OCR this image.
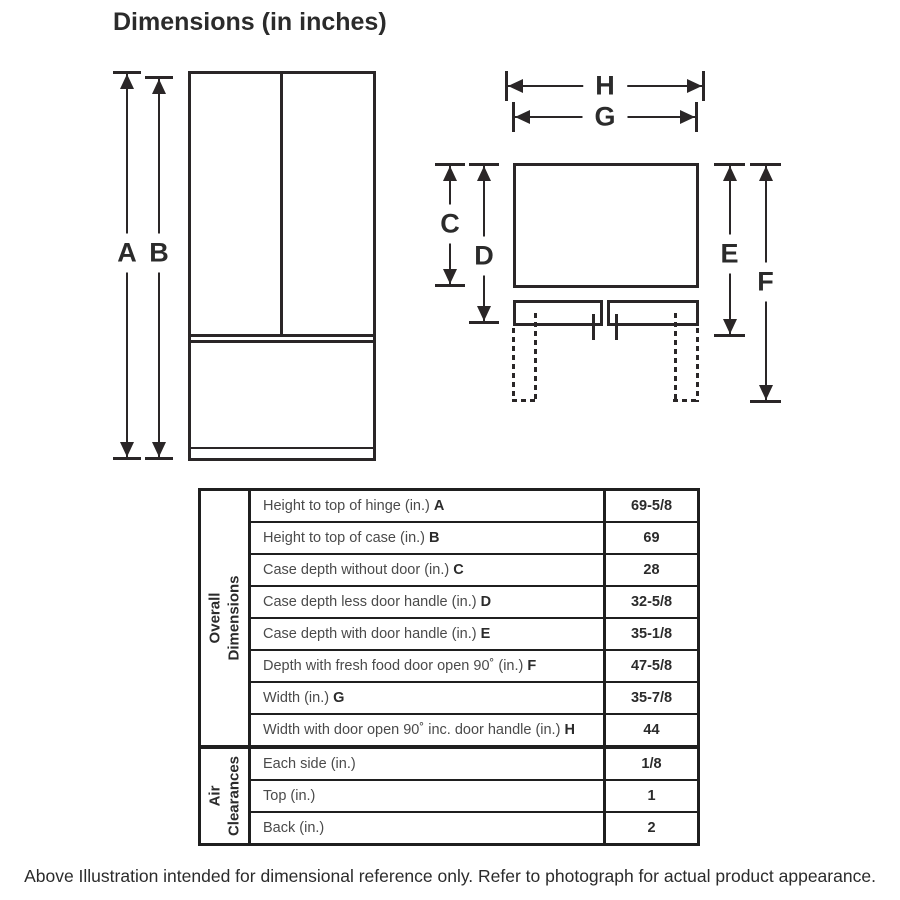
Dimensions (in inches)
A B
H
G
C
D	E
F
Overall Dimensions	Height to top of hinge (in.) A	69-5/8
	Height to top of case (in.) B	69
	Case depth without door (in.) C	28
	Case depth less door handle (in.) D	32-5/8
	Case depth with door handle (in.) E	35-1/8
	Depth with fresh food door open 90˚ (in.) F	47-5/8
	Width (in.) G	35-7/8
	Width with door open 90˚ inc. door handle (in.) H	44

Air Clearances	Each side (in.)	1/8
	Top (in.)	1
	Back (in.)	2
Above Illustration intended for dimensional reference only. Refer to photograph for actual product appearance.
